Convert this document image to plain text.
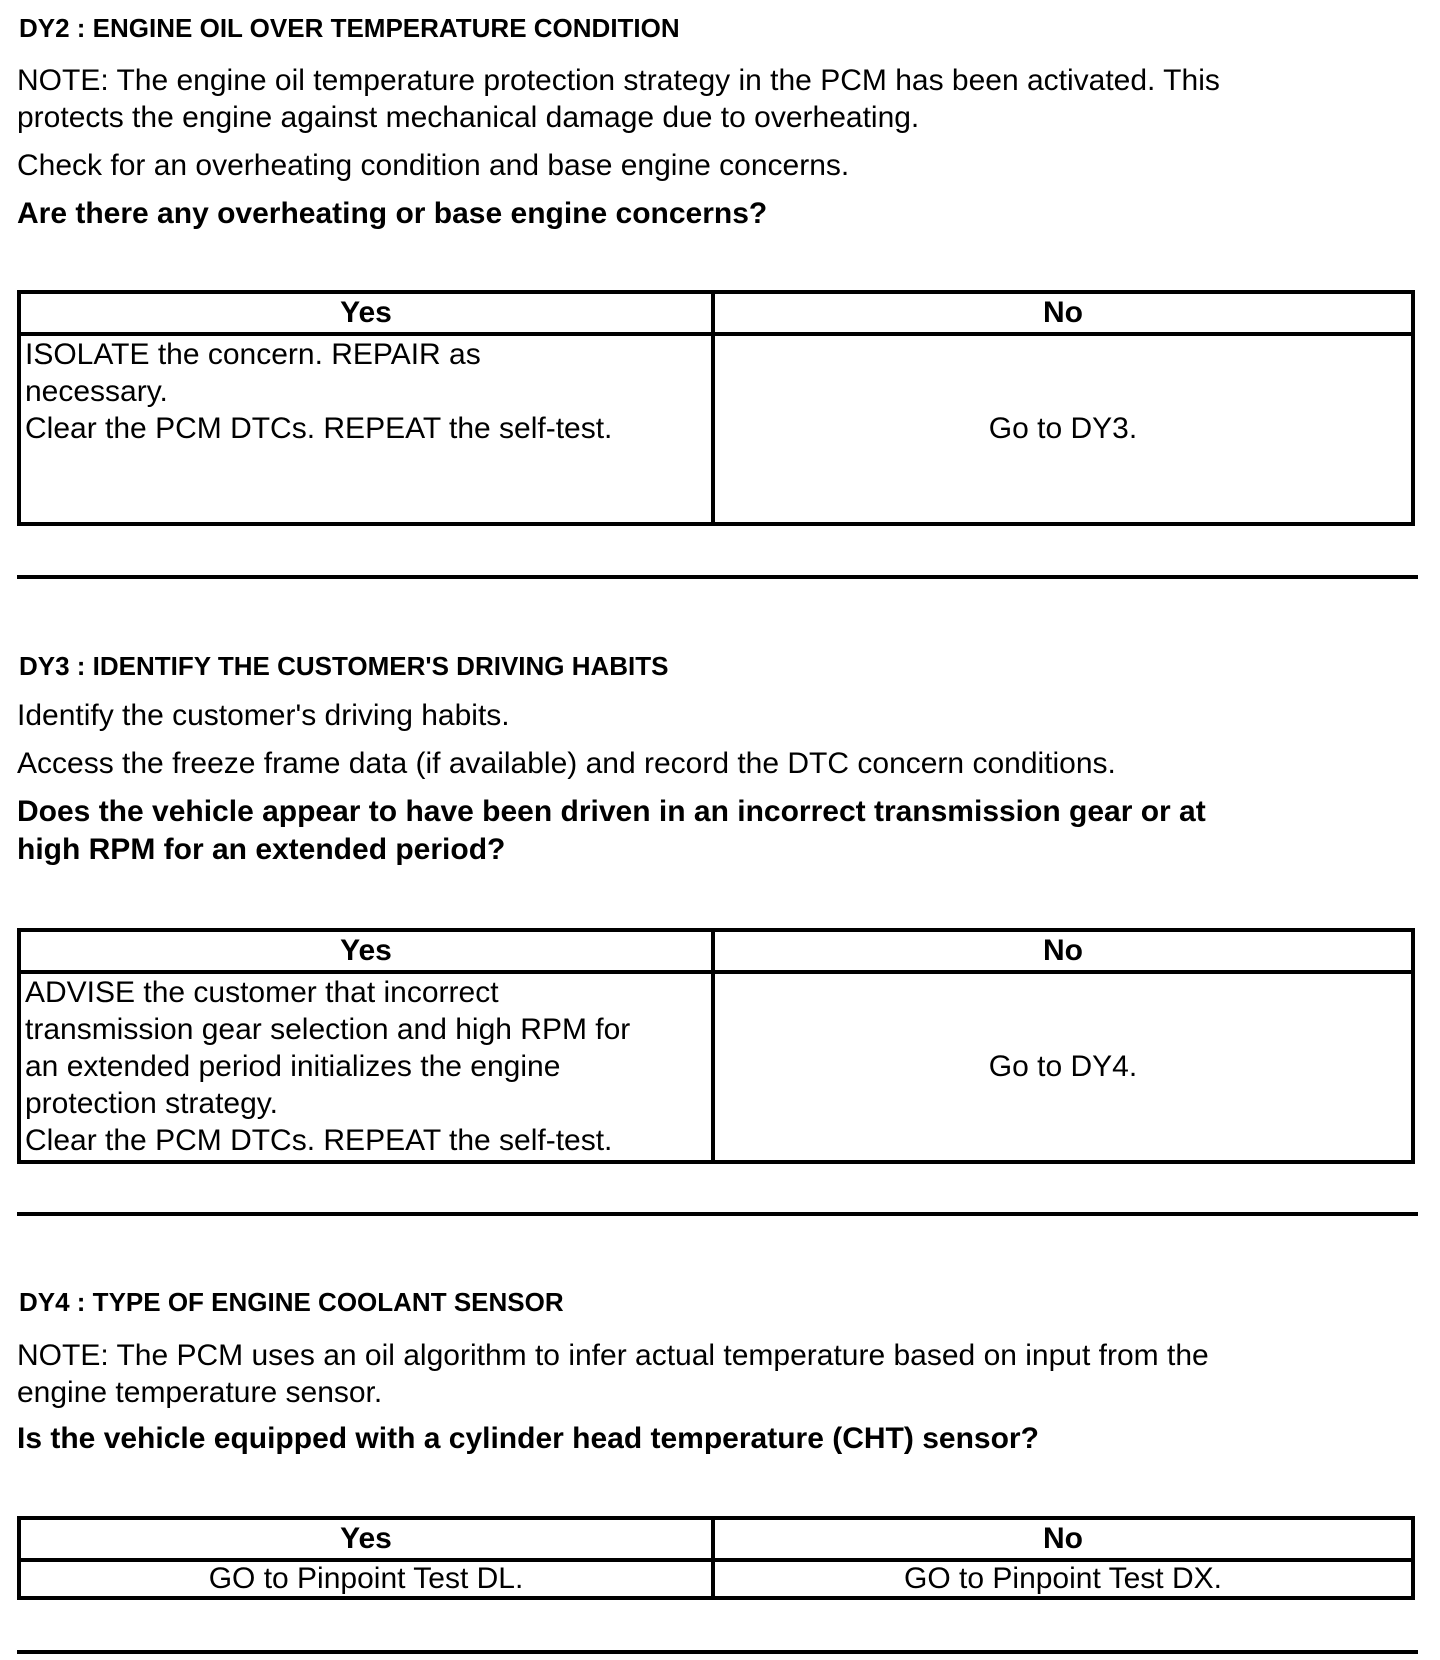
DY2 : ENGINE OIL OVER TEMPERATURE CONDITION
NOTE: The engine oil temperature protection strategy in the PCM has been activated. This
protects the engine against mechanical damage due to overheating.
Check for an overheating condition and base engine concerns.
Are there any overheating or base engine concerns?
Yes	No

ISOLATE the concern. REPAIR as
necessary.
Clear the PCM DTCs. REPEAT the self-test.	Go to DY3.
DY3 : IDENTIFY THE CUSTOMER'S DRIVING HABITS
Identify the customer's driving habits.
Access the freeze frame data (if available) and record the DTC concern conditions.
Does the vehicle appear to have been driven in an incorrect transmission gear or at
high RPM for an extended period?
Yes	No

ADVISE the customer that incorrect
transmission gear selection and high RPM for
an extended period initializes the engine
protection strategy.
Clear the PCM DTCs. REPEAT the self-test.	Go to DY4.
DY4 : TYPE OF ENGINE COOLANT SENSOR
NOTE: The PCM uses an oil algorithm to infer actual temperature based on input from the
engine temperature sensor.
Is the vehicle equipped with a cylinder head temperature (CHT) sensor?
Yes	No
GO to Pinpoint Test DL.	GO to Pinpoint Test DX.
